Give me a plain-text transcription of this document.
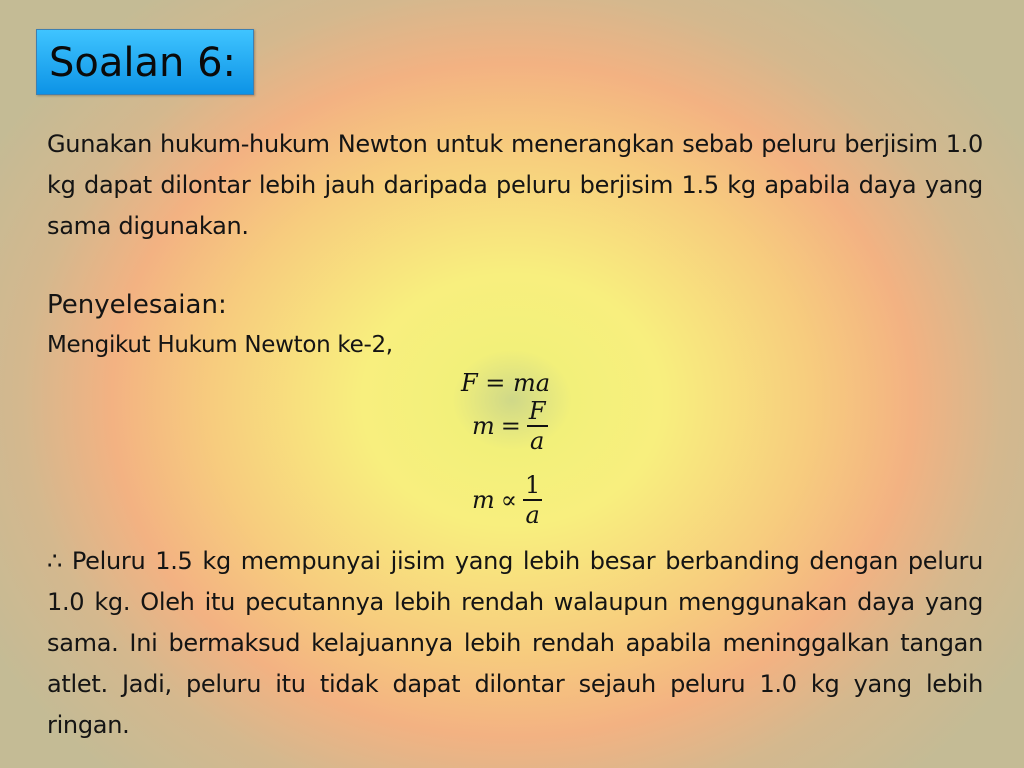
Soalan 6:

Gunakan hukum-hukum Newton untuk menerangkan sebab peluru berjisim 1.0 kg dapat dilontar lebih jauh daripada peluru berjisim 1.5 kg apabila daya yang sama digunakan.

Penyelesaian:

Mengikut Hukum Newton ke-2,

F = ma
$m = \frac{F}{a}$
$m \propto \frac{1}{a}$

∴ Peluru 1.5 kg mempunyai jisim yang lebih besar berbanding dengan peluru 1.0 kg. Oleh itu pecutannya lebih rendah walaupun menggunakan daya yang sama. Ini bermaksud kelajuannya lebih rendah apabila meninggalkan tangan atlet. Jadi, peluru itu tidak dapat dilontar sejauh peluru 1.0 kg yang lebih ringan.
